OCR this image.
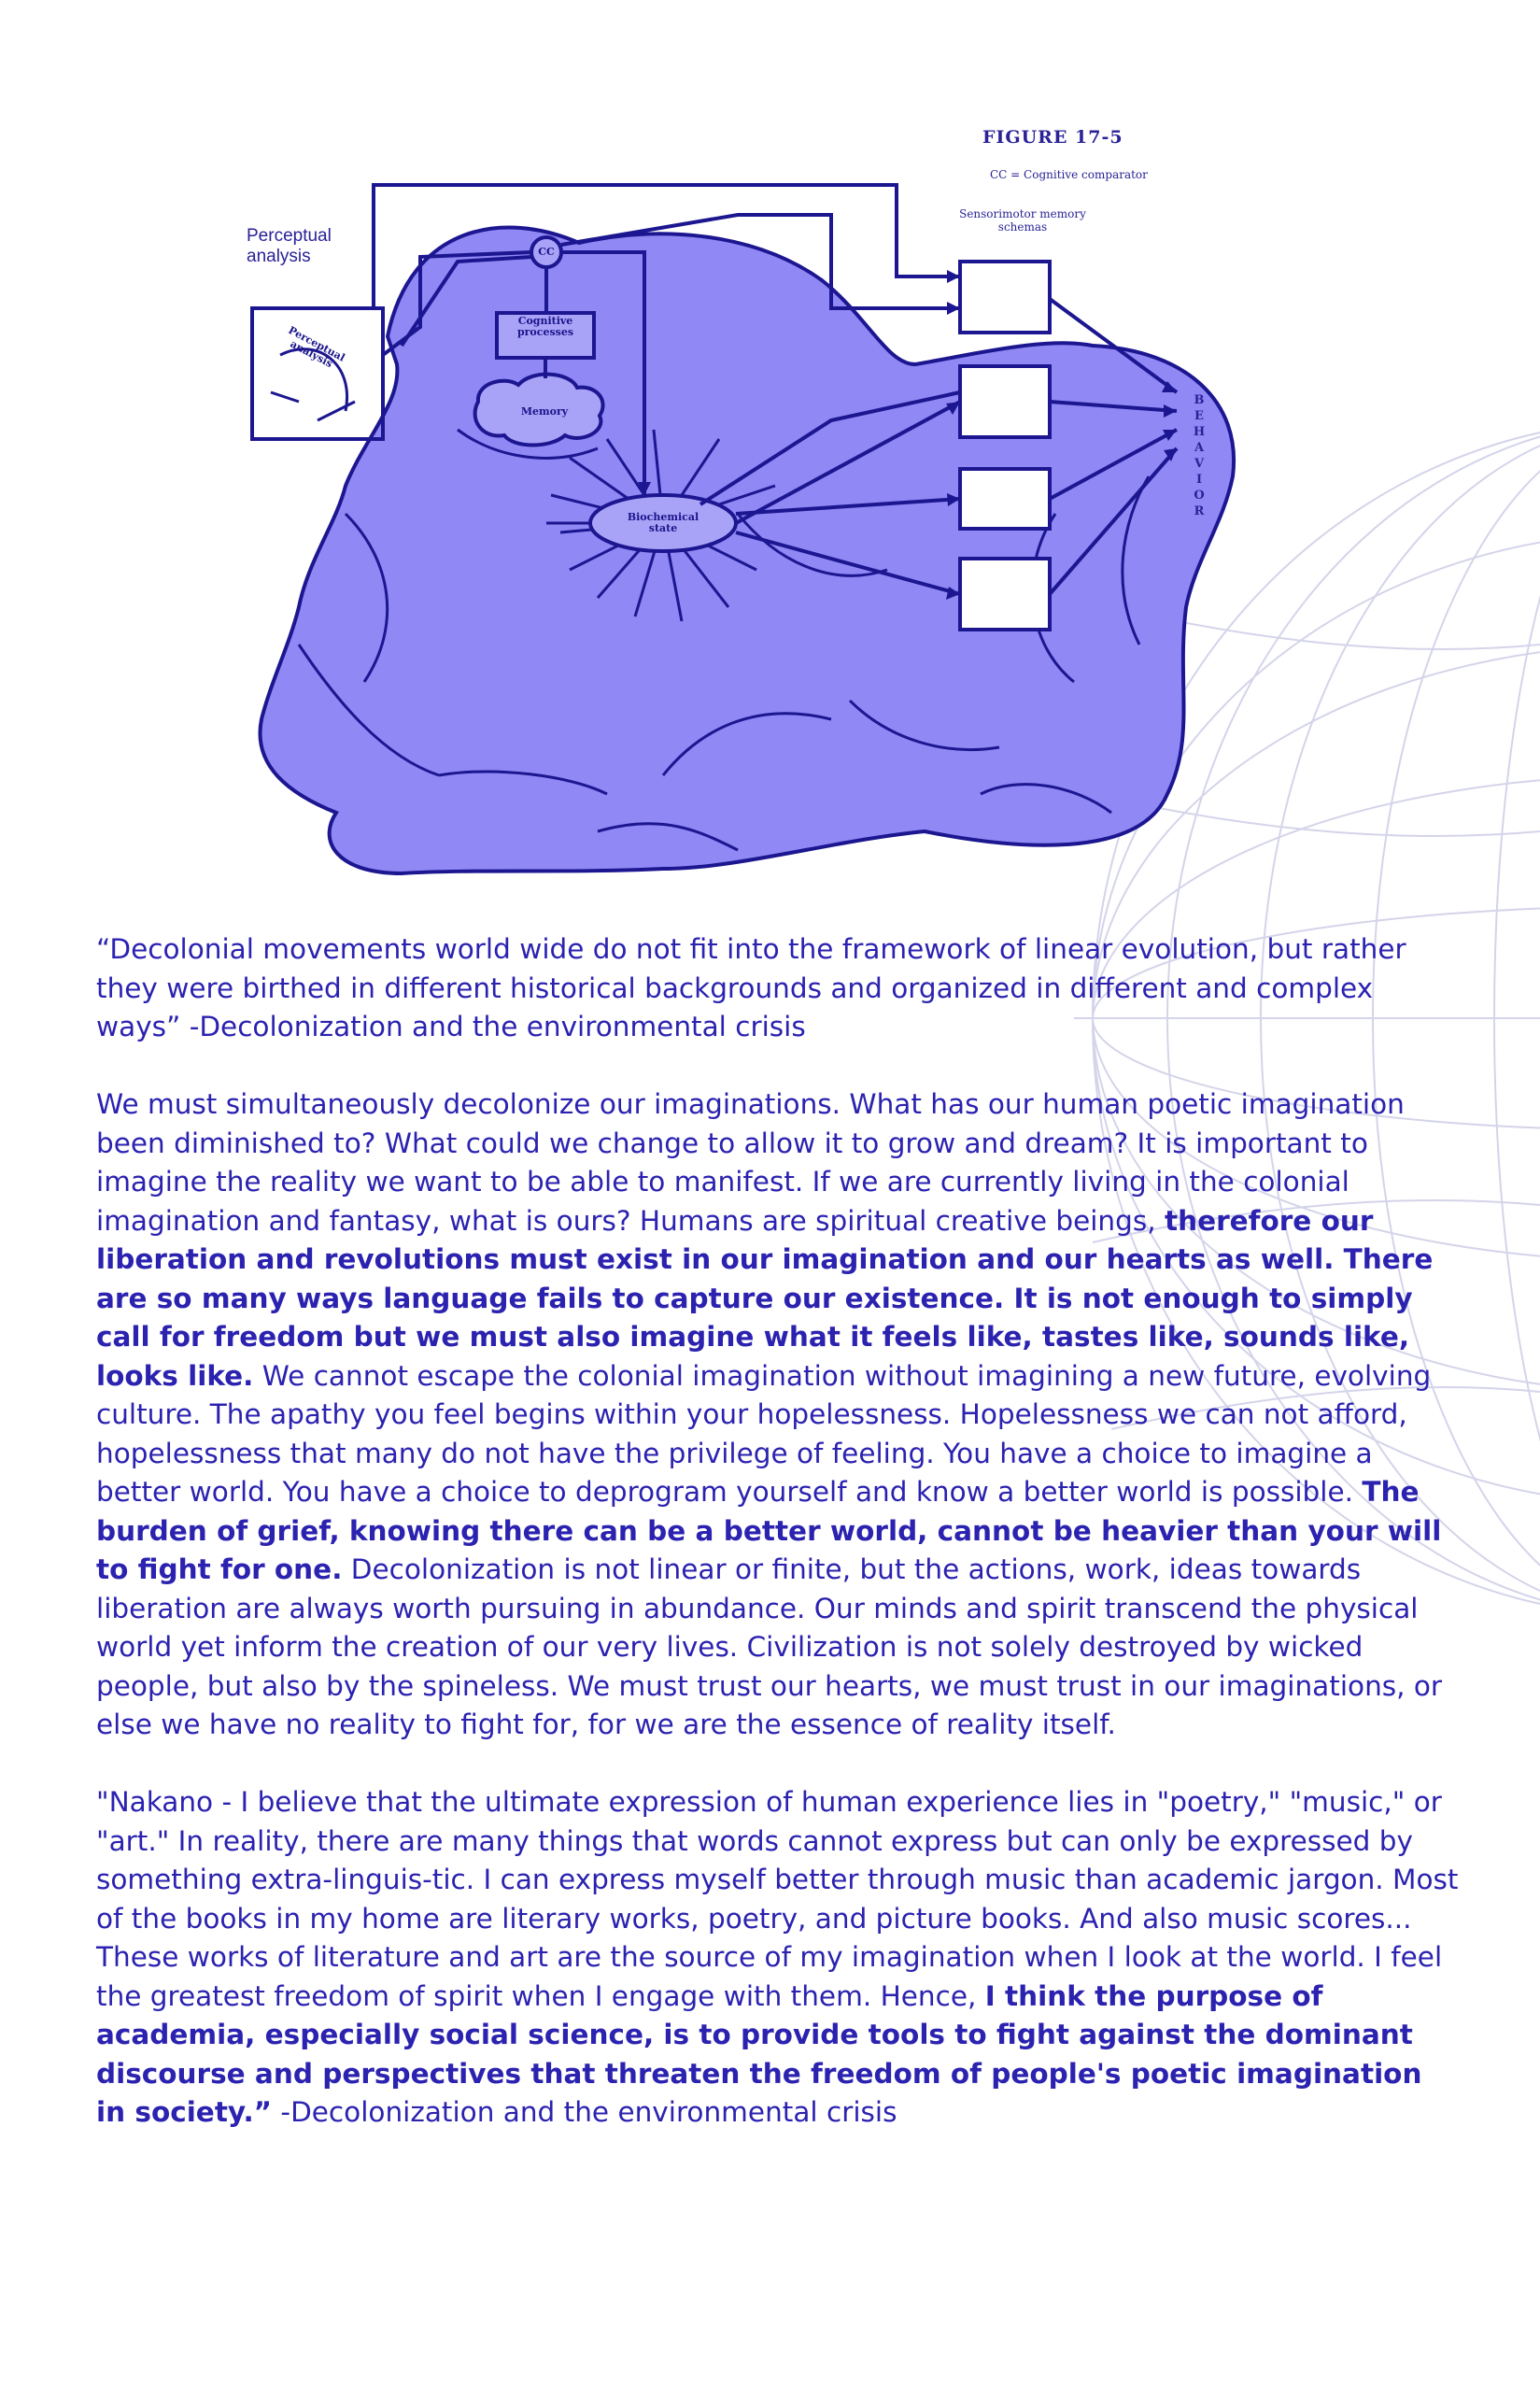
FIGURE 17-5
CC = Cognitive comparator
Perceptual analysis
Perceptual analysis
CC
Cognitive processes
Memory
Biochemical state
Sensorimotor memory schemas
BEHAVIOR

“Decolonial movements world wide do not fit into the framework of linear evolution, but rather they were birthed in different historical backgrounds and organized in different and complex ways” -Decolonization and the environmental crisis

We must simultaneously decolonize our imaginations. What has our human poetic imagination been diminished to? What could we change to allow it to grow and dream? It is important to imagine the reality we want to be able to manifest. If we are currently living in the colonial imagination and fantasy, what is ours? Humans are spiritual creative beings, therefore our liberation and revolutions must exist in our imagination and our hearts as well. There are so many ways language fails to capture our existence. It is not enough to simply call for freedom but we must also imagine what it feels like, tastes like, sounds like, looks like. We cannot escape the colonial imagination without imagining a new future, evolving culture. The apathy you feel begins within your hopelessness. Hopelessness we can not afford, hopelessness that many do not have the privilege of feeling. You have a choice to imagine a better world. You have a choice to deprogram yourself and know a better world is possible. The burden of grief, knowing there can be a better world, cannot be heavier than your will to fight for one. Decolonization is not linear or finite, but the actions, work, ideas towards liberation are always worth pursuing in abundance. Our minds and spirit transcend the physical world yet inform the creation of our very lives. Civilization is not solely destroyed by wicked people, but also by the spineless. We must trust our hearts, we must trust in our imaginations, or else we have no reality to fight for, for we are the essence of reality itself.

"Nakano - I believe that the ultimate expression of human experience lies in "poetry," "music," or "art." In reality, there are many things that words cannot express but can only be expressed by something extra-linguis-tic. I can express myself better through music than academic jargon. Most of the books in my home are literary works, poetry, and picture books. And also music scores... These works of literature and art are the source of my imagination when I look at the world. I feel the greatest freedom of spirit when I engage with them. Hence, I think the purpose of academia, especially social science, is to provide tools to fight against the dominant discourse and perspectives that threaten the freedom of people's poetic imagination in society.” -Decolonization and the environmental crisis
